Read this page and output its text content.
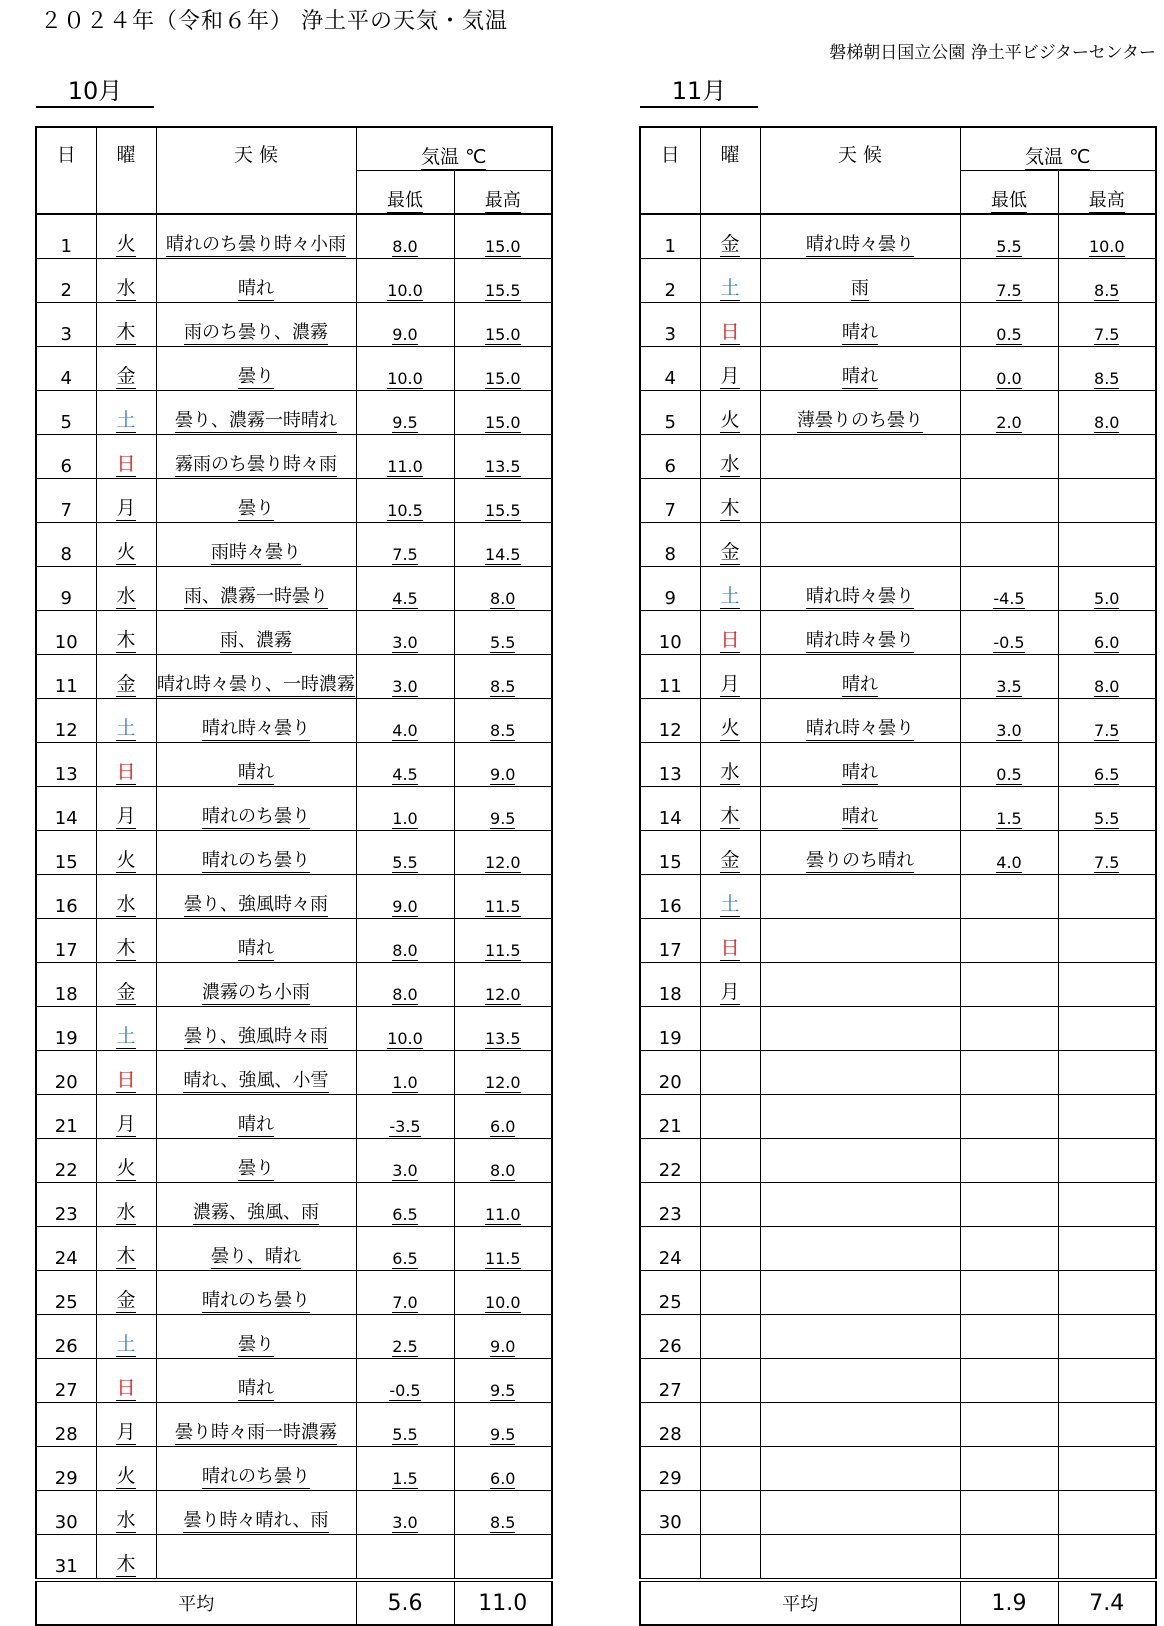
２０２４年（令和６年） 浄土平の天気・気温
磐梯朝日国立公園 浄土平ビジターセンター
10月	11月
日	曜	天 候	気温 ℃	
			最低	最高
1	火	晴れのち曇り時々小雨	8.0	15.0
2	水	晴れ	10.0	15.5
3	木	雨のち曇り、濃霧	9.0	15.0
4	金	曇り	10.0	15.0
5	土	曇り、濃霧一時晴れ	9.5	15.0
6	日	霧雨のち曇り時々雨	11.0	13.5
7	月	曇り	10.5	15.5
8	火	雨時々曇り	7.5	14.5
9	水	雨、濃霧一時曇り	4.5	8.0
10	木	雨、濃霧	3.0	5.5
11	金	晴れ時々曇り、一時濃霧	3.0	8.5
12	土	晴れ時々曇り	4.0	8.5
13	日	晴れ	4.5	9.0
14	月	晴れのち曇り	1.0	9.5
15	火	晴れのち曇り	5.5	12.0
16	水	曇り、強風時々雨	9.0	11.5
17	木	晴れ	8.0	11.5
18	金	濃霧のち小雨	8.0	12.0
19	土	曇り、強風時々雨	10.0	13.5
20	日	晴れ、強風、小雪	1.0	12.0
21	月	晴れ	-3.5	6.0
22	火	曇り	3.0	8.0
23	水	濃霧、強風、雨	6.5	11.0
24	木	曇り、晴れ	6.5	11.5
25	金	晴れのち曇り	7.0	10.0
26	土	曇り	2.5	9.0
27	日	晴れ	-0.5	9.5
28	月	曇り時々雨一時濃霧	5.5	9.5
29	火	晴れのち曇り	1.5	6.0
30	水	曇り時々晴れ、雨	3.0	8.5
31	木			
平均			5.6	11.0
日	曜	天 候	気温 ℃	
			最低	最高
1	金	晴れ時々曇り	5.5	10.0
2	土	雨	7.5	8.5
3	日	晴れ	0.5	7.5
4	月	晴れ	0.0	8.5
5	火	薄曇りのち曇り	2.0	8.0
6	水			
7	木			
8	金			
9	土	晴れ時々曇り	-4.5	5.0
10	日	晴れ時々曇り	-0.5	6.0
11	月	晴れ	3.5	8.0
12	火	晴れ時々曇り	3.0	7.5
13	水	晴れ	0.5	6.5
14	木	晴れ	1.5	5.5
15	金	曇りのち晴れ	4.0	7.5
16	土			
17	日			
18	月			
19				
20				
21				
22				
23				
24				
25				
26				
27				
28				
29				
30				

平均			1.9	7.4
